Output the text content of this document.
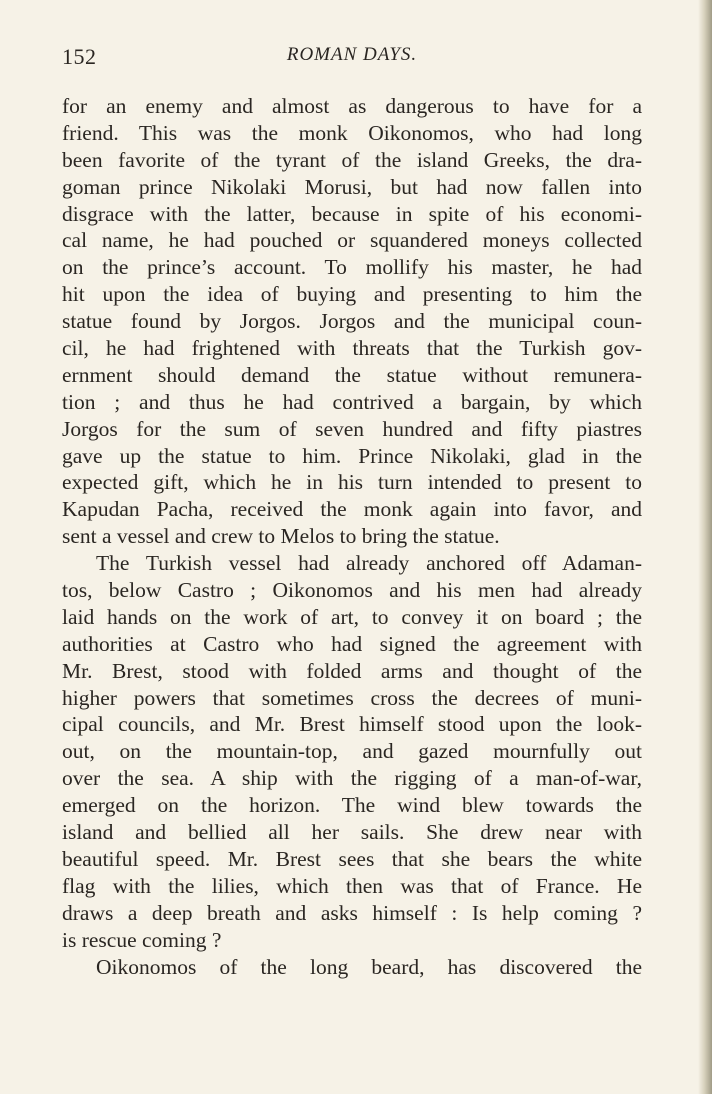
152	ROMAN DAYS.
for an enemy and almost as dangerous to have for a
friend. This was the monk Oikonomos, who had long
been favorite of the tyrant of the island Greeks, the dra-
goman prince Nikolaki Morusi, but had now fallen into
disgrace with the latter, because in spite of his economi-
cal name, he had pouched or squandered moneys collected
on the prince’s account. To mollify his master, he had
hit upon the idea of buying and presenting to him the
statue found by Jorgos. Jorgos and the municipal coun-
cil, he had frightened with threats that the Turkish gov-
ernment should demand the statue without remunera-
tion ; and thus he had contrived a bargain, by which
Jorgos for the sum of seven hundred and fifty piastres
gave up the statue to him. Prince Nikolaki, glad in the
expected gift, which he in his turn intended to present to
Kapudan Pacha, received the monk again into favor, and
sent a vessel and crew to Melos to bring the statue.
The Turkish vessel had already anchored off Adaman-
tos, below Castro ; Oikonomos and his men had already
laid hands on the work of art, to convey it on board ; the
authorities at Castro who had signed the agreement with
Mr. Brest, stood with folded arms and thought of the
higher powers that sometimes cross the decrees of muni-
cipal councils, and Mr. Brest himself stood upon the look-
out, on the mountain-top, and gazed mournfully out
over the sea. A ship with the rigging of a man-of-war,
emerged on the horizon. The wind blew towards the
island and bellied all her sails. She drew near with
beautiful speed. Mr. Brest sees that she bears the white
flag with the lilies, which then was that of France. He
draws a deep breath and asks himself : Is help coming ?
is rescue coming ?
Oikonomos of the long beard, has discovered the
